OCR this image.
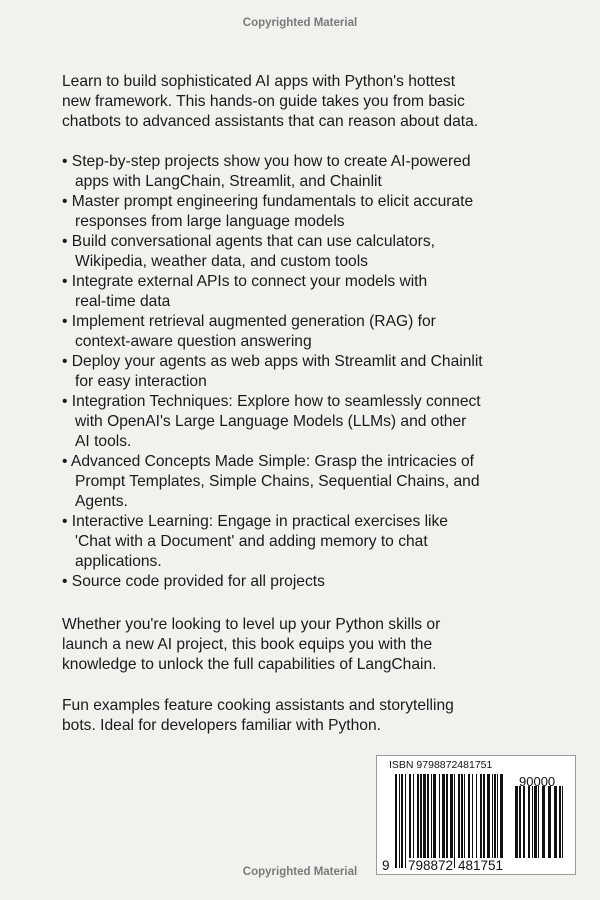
Copyrighted Material
Learn to build sophisticated AI apps with Python's hottest
new framework. This hands-on guide takes you from basic
chatbots to advanced assistants that can reason about data.
• Step-by-step projects show you how to create AI-powered
apps with LangChain, Streamlit, and Chainlit
• Master prompt engineering fundamentals to elicit accurate
responses from large language models
• Build conversational agents that can use calculators,
Wikipedia, weather data, and custom tools
• Integrate external APIs to connect your models with
real-time data
• Implement retrieval augmented generation (RAG) for
context-aware question answering
• Deploy your agents as web apps with Streamlit and Chainlit
for easy interaction
• Integration Techniques: Explore how to seamlessly connect
with OpenAI's Large Language Models (LLMs) and other
AI tools.
• Advanced Concepts Made Simple: Grasp the intricacies of
Prompt Templates, Simple Chains, Sequential Chains, and
Agents.
• Interactive Learning: Engage in practical exercises like
'Chat with a Document' and adding memory to chat
applications.
• Source code provided for all projects
Whether you're looking to level up your Python skills or
launch a new AI project, this book equips you with the
knowledge to unlock the full capabilities of LangChain.
Fun examples feature cooking assistants and storytelling
bots. Ideal for developers familiar with Python.
ISBN 9798872481751
90000
9 798872 481751
Copyrighted Material
